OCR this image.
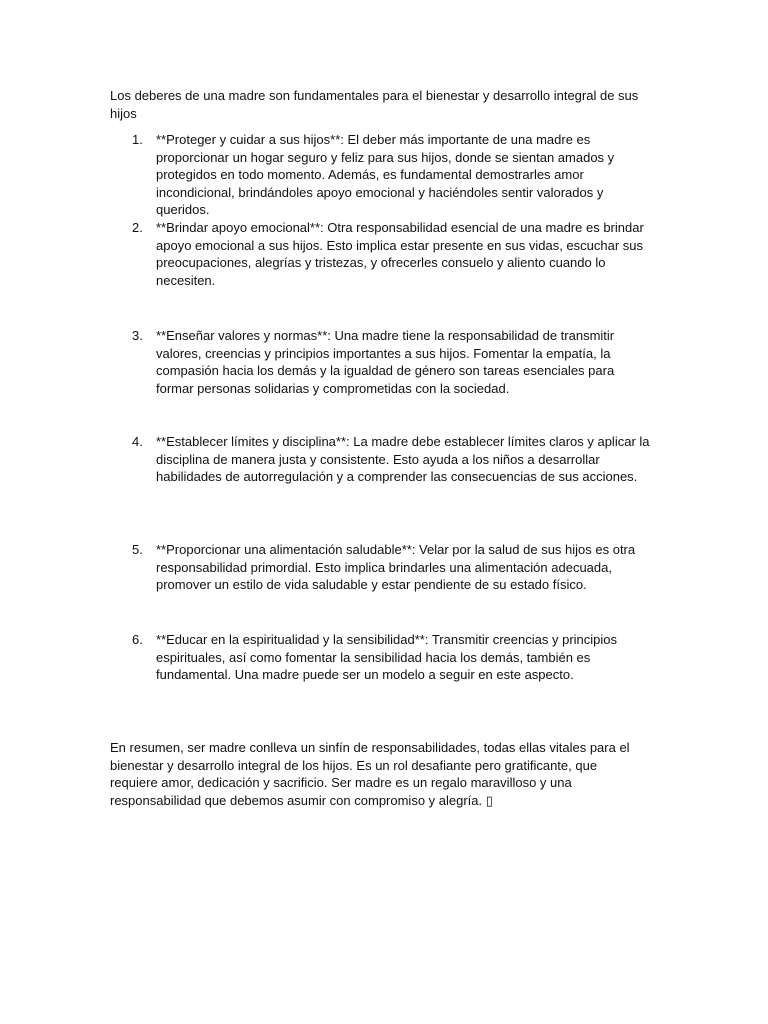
Los deberes de una madre son fundamentales para el bienestar y desarrollo integral de sus hijos

1.	**Proteger y cuidar a sus hijos**: El deber más importante de una madre es proporcionar un hogar seguro y feliz para sus hijos, donde se sientan amados y protegidos en todo momento. Además, es fundamental demostrarles amor incondicional, brindándoles apoyo emocional y haciéndoles sentir valorados y queridos.

2.	**Brindar apoyo emocional**: Otra responsabilidad esencial de una madre es brindar apoyo emocional a sus hijos. Esto implica estar presente en sus vidas, escuchar sus preocupaciones, alegrías y tristezas, y ofrecerles consuelo y aliento cuando lo necesiten.

3.	**Enseñar valores y normas**: Una madre tiene la responsabilidad de transmitir valores, creencias y principios importantes a sus hijos. Fomentar la empatía, la compasión hacia los demás y la igualdad de género son tareas esenciales para formar personas solidarias y comprometidas con la sociedad.

4.	**Establecer límites y disciplina**: La madre debe establecer límites claros y aplicar la disciplina de manera justa y consistente. Esto ayuda a los niños a desarrollar habilidades de autorregulación y a comprender las consecuencias de sus acciones.

5.	**Proporcionar una alimentación saludable**: Velar por la salud de sus hijos es otra responsabilidad primordial. Esto implica brindarles una alimentación adecuada, promover un estilo de vida saludable y estar pendiente de su estado físico.

6.	**Educar en la espiritualidad y la sensibilidad**: Transmitir creencias y principios espirituales, así como fomentar la sensibilidad hacia los demás, también es fundamental. Una madre puede ser un modelo a seguir en este aspecto.

En resumen, ser madre conlleva un sinfín de responsabilidades, todas ellas vitales para el bienestar y desarrollo integral de los hijos. Es un rol desafiante pero gratificante, que requiere amor, dedicación y sacrificio. Ser madre es un regalo maravilloso y una responsabilidad que debemos asumir con compromiso y alegría. ▯
